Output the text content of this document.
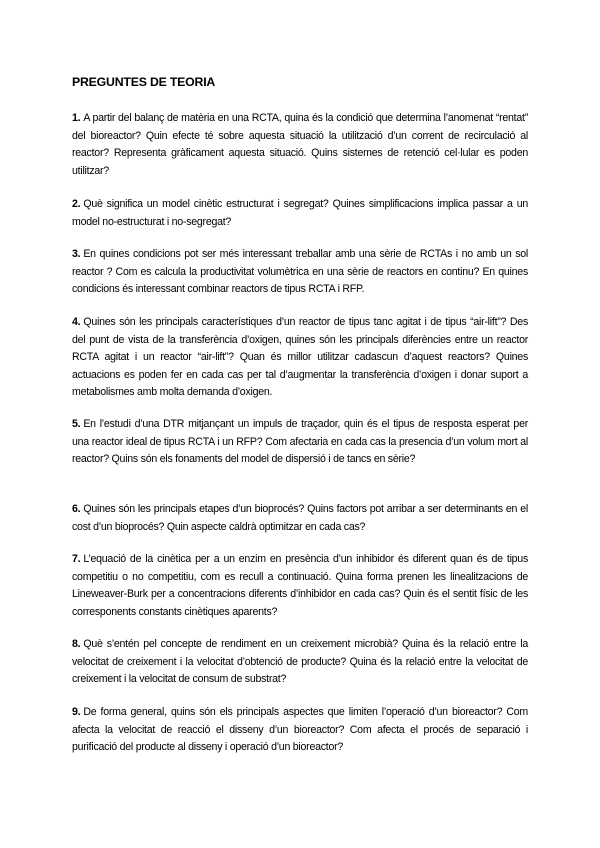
PREGUNTES DE TEORIA

1. A partir del balanç de matèria en una RCTA, quina és la condició que determina l’anomenat “rentat” del bioreactor? Quin efecte té sobre aquesta situació la utilització d’un corrent de recirculació al reactor? Representa gràficament aquesta situació. Quins sistemes de retenció cel·lular es poden utilitzar?

2. Què significa un model cinètic estructurat i segregat? Quines simplificacions implica passar a un model no-estructurat i no-segregat?

3. En quines condicions pot ser més interessant treballar amb una sèrie de RCTAs i no amb un sol reactor ? Com es calcula la productivitat volumètrica en una sèrie de reactors en continu? En quines condicions és interessant combinar reactors de tipus RCTA i RFP.

4. Quines són les principals característiques d’un reactor de tipus tanc agitat i de tipus “air-lift”? Des del punt de vista de la transferència d’oxigen, quines són les principals diferències entre un reactor RCTA agitat i un reactor “air-lift”? Quan és millor utilitzar cadascun d’aquest reactors? Quines actuacions es poden fer en cada cas per tal d’augmentar la transferència d’oxigen i donar suport a metabolismes amb molta demanda d’oxigen.

5. En l’estudi d’una DTR mitjançant un impuls de traçador, quin és el tipus de resposta esperat per una reactor ideal de tipus RCTA i un RFP? Com afectaria en cada cas la presencia d’un volum mort al reactor? Quins són els fonaments del model de dispersió i de tancs en sèrie?

6. Quines són les principals etapes d’un bioprocés? Quins factors pot arribar a ser determinants en el cost d’un bioprocés? Quin aspecte caldrà optimitzar en cada cas?

7. L’equació de la cinètica per a un enzim en presència d’un inhibidor és diferent quan és de tipus competitiu o no competitiu, com es recull a continuació. Quina forma prenen les linealitzacions de Lineweaver-Burk per a concentracions diferents d’inhibidor en cada cas? Quin és el sentit físic de les corresponents constants cinètiques aparents?

8. Què s’entén pel concepte de rendiment en un creixement microbià? Quina és la relació entre la velocitat de creixement i la velocitat d’obtenció de producte? Quina és la relació entre la velocitat de creixement i la velocitat de consum de substrat?

9. De forma general, quins són els principals aspectes que limiten l’operació d’un bioreactor? Com afecta la velocitat de reacció el disseny d’un bioreactor? Com afecta el procés de separació i purificació del producte al disseny i operació d’un bioreactor?
